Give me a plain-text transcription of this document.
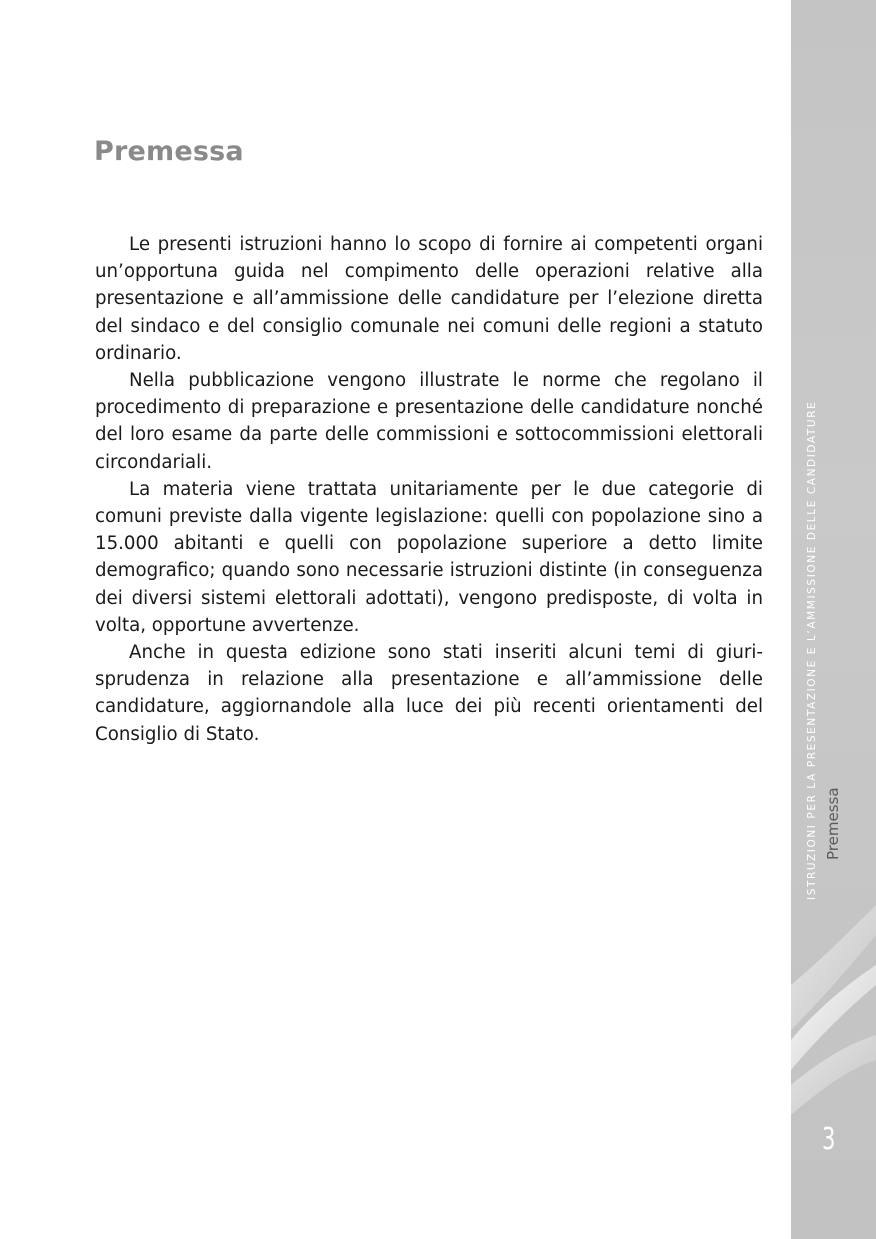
Premessa

Le presenti istruzioni hanno lo scopo di fornire ai competenti organi un’opportuna guida nel compimento delle operazioni relative alla presentazione e all’ammissione delle candidature per l’elezione diretta del sindaco e del consiglio comunale nei comuni delle regioni a statuto ordinario.

Nella pubblicazione vengono illustrate le norme che regolano il procedimento di preparazione e presentazione delle candidature nonché del loro esame da parte delle commissioni e sottocommissioni elettorali circondariali.

La materia viene trattata unitariamente per le due categorie di comuni previste dalla vigente legislazione: quelli con popolazione sino a 15.000 abitanti e quelli con popolazione superiore a detto limite demografico; quando sono necessarie istruzioni distinte (in conseguenza dei diversi sistemi elettorali adottati), vengono predisposte, di volta in volta, opportune avvertenze.

Anche in questa edizione sono stati inseriti alcuni temi di giurisprudenza in relazione alla presentazione e all’ammissione delle candidature, aggiornandole alla luce dei più recenti orientamenti del Consiglio di Stato.	ISTRUZIONI PER LA PRESENTAZIONE E L’AMMISSIONE DELLE CANDIDATURE Premessa
3
